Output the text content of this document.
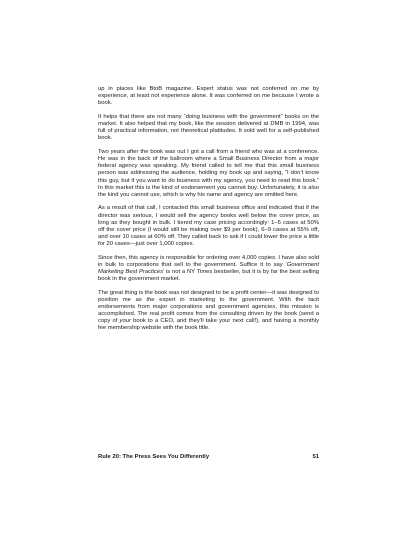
up in places like BtoB magazine. Expert status was not conferred on me by experience, at least not experience alone. It was conferred on me because I wrote a book.

It helps that there are not many “doing business with the government” books on the market. It also helped that my book, like the session delivered at DMB in 1994, was full of practical information, not theoretical platitudes. It sold well for a self-published book.

Two years after the book was out I got a call from a friend who was at a conference. He was in the back of the ballroom where a Small Business Director from a major federal agency was speaking. My friend called to tell me that this small business person was addressing the audience, holding my book up and saying, “I don’t know this guy, but if you want to do business with my agency, you need to read this book.” In this market this is the kind of endorsement you cannot buy. Unfortunately, it is also the kind you cannot use, which is why his name and agency are omitted here.

As a result of that call, I contacted this small business office and indicated that if the director was serious, I would sell the agency books well below the cover price, as long as they bought in bulk. I tiered my case pricing accordingly: 1–5 cases at 50% off the cover price (I would still be making over $9 per book), 6–9 cases at 55% off, and over 10 cases at 60% off. They called back to ask if I could lower the price a little for 20 cases—just over 1,000 copies.

Since then, this agency is responsible for ordering over 4,000 copies. I have also sold in bulk to corporations that sell to the government. Suffice it to say ‘Government Marketing Best Practices’ is not a NY Times bestseller, but it is by far the best selling book in the government market.

The great thing is the book was not designed to be a profit center—it was designed to position me as the expert in marketing to the government. With the tacit endorsements from major corporations and government agencies, this mission is accomplished. The real profit comes from the consulting driven by the book (send a copy of your book to a CEO, and they’ll take your next call!), and having a monthly fee membership website with the book title.

Rule 20: The Press Sees You Differently	51
